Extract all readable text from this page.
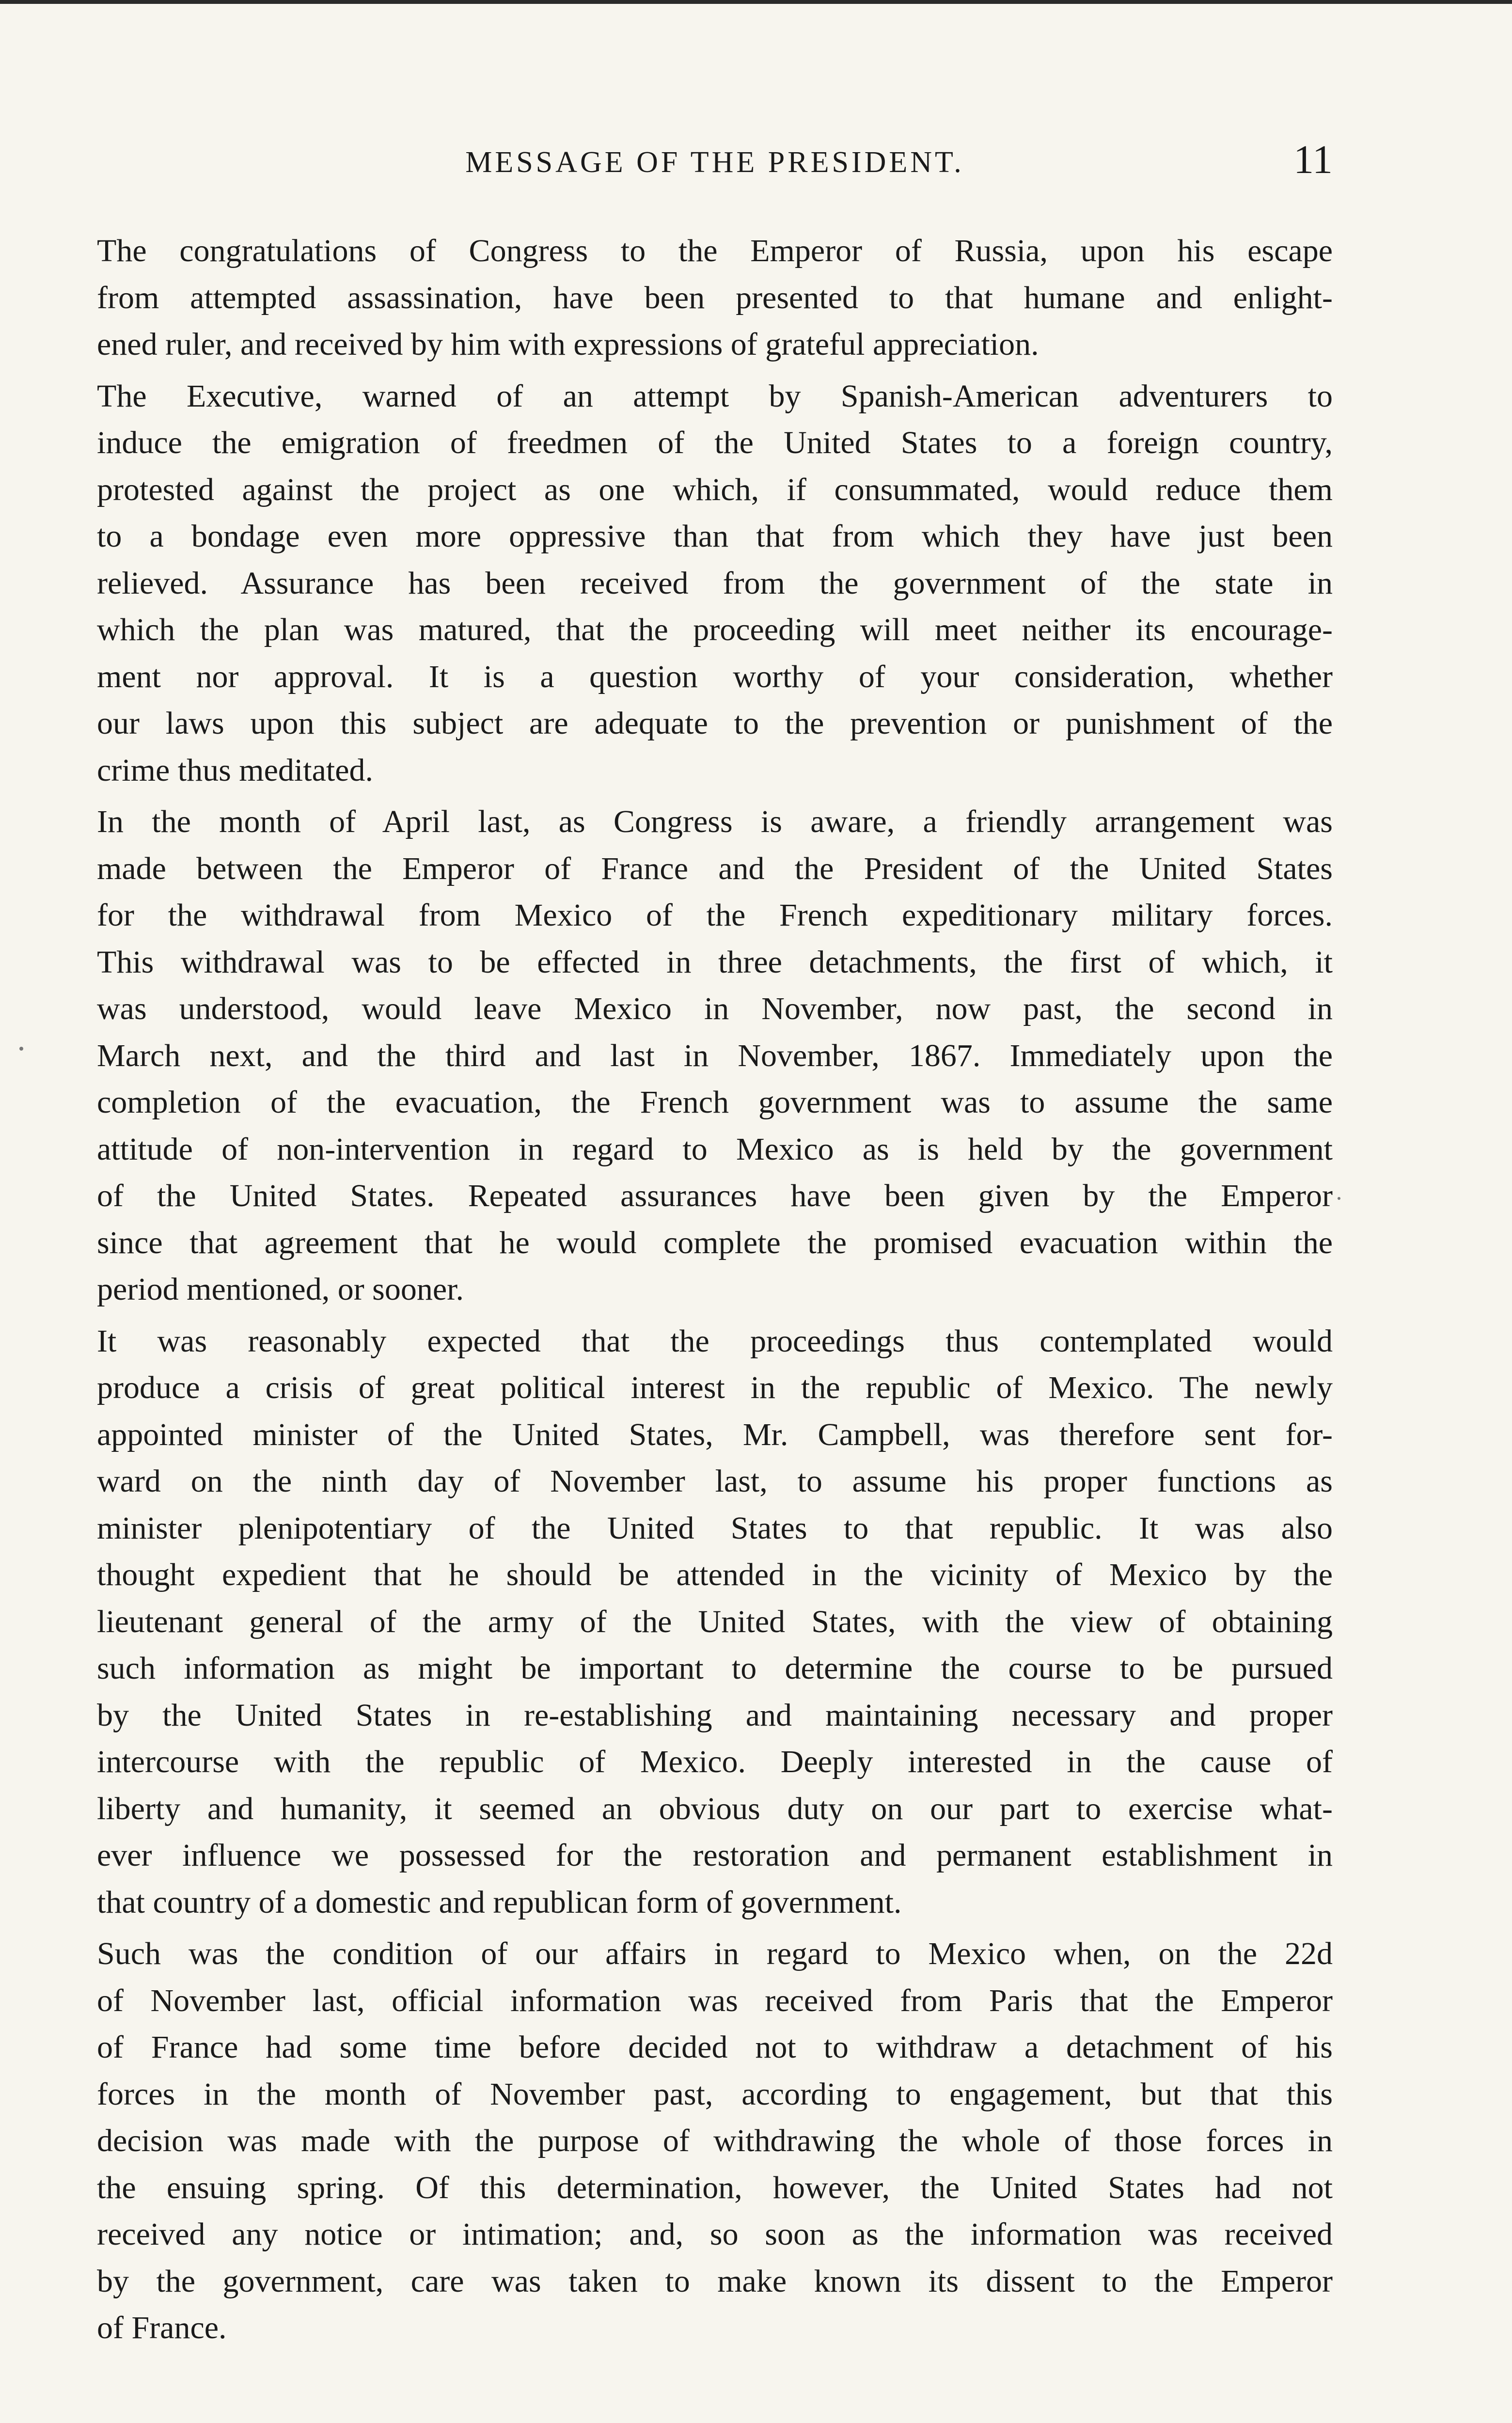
MESSAGE OF THE PRESIDENT.	11

The congratulations of Congress to the Emperor of Russia, upon his escape
from attempted assassination, have been presented to that humane and enlight-
ened ruler, and received by him with expressions of grateful appreciation.

The Executive, warned of an attempt by Spanish-American adventurers to
induce the emigration of freedmen of the United States to a foreign country,
protested against the project as one which, if consummated, would reduce them
to a bondage even more oppressive than that from which they have just been
relieved. Assurance has been received from the government of the state in
which the plan was matured, that the proceeding will meet neither its encourage-
ment nor approval. It is a question worthy of your consideration, whether
our laws upon this subject are adequate to the prevention or punishment of the
crime thus meditated.

In the month of April last, as Congress is aware, a friendly arrangement was
made between the Emperor of France and the President of the United States
for the withdrawal from Mexico of the French expeditionary military forces.
This withdrawal was to be effected in three detachments, the first of which, it
was understood, would leave Mexico in November, now past, the second in
March next, and the third and last in November, 1867. Immediately upon the
completion of the evacuation, the French government was to assume the same
attitude of non-intervention in regard to Mexico as is held by the government
of the United States. Repeated assurances have been given by the Emperor
since that agreement that he would complete the promised evacuation within the
period mentioned, or sooner.

It was reasonably expected that the proceedings thus contemplated would
produce a crisis of great political interest in the republic of Mexico. The newly
appointed minister of the United States, Mr. Campbell, was therefore sent for-
ward on the ninth day of November last, to assume his proper functions as
minister plenipotentiary of the United States to that republic. It was also
thought expedient that he should be attended in the vicinity of Mexico by the
lieutenant general of the army of the United States, with the view of obtaining
such information as might be important to determine the course to be pursued
by the United States in re-establishing and maintaining necessary and proper
intercourse with the republic of Mexico. Deeply interested in the cause of
liberty and humanity, it seemed an obvious duty on our part to exercise what-
ever influence we possessed for the restoration and permanent establishment in
that country of a domestic and republican form of government.

Such was the condition of our affairs in regard to Mexico when, on the 22d
of November last, official information was received from Paris that the Emperor
of France had some time before decided not to withdraw a detachment of his
forces in the month of November past, according to engagement, but that this
decision was made with the purpose of withdrawing the whole of those forces in
the ensuing spring. Of this determination, however, the United States had not
received any notice or intimation; and, so soon as the information was received
by the government, care was taken to make known its dissent to the Emperor
of France.
